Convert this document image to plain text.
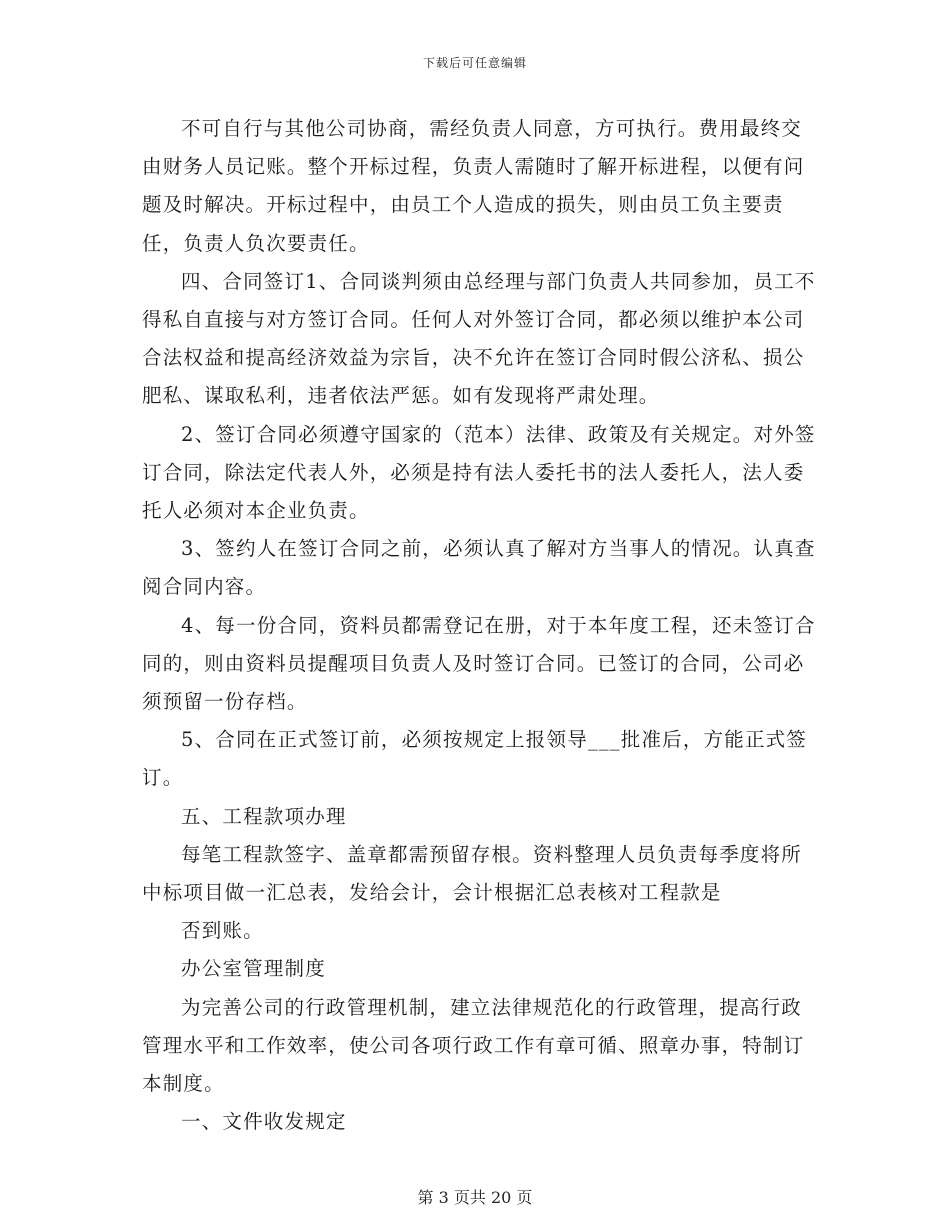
下载后可任意编辑

不可自行与其他公司协商，需经负责人同意，方可执行。费用最终交由财务人员记账。整个开标过程，负责人需随时了解开标进程，以便有问题及时解决。开标过程中，由员工个人造成的损失，则由员工负主要责任，负责人负次要责任。

四、合同签订1、合同谈判须由总经理与部门负责人共同参加，员工不得私自直接与对方签订合同。任何人对外签订合同，都必须以维护本公司合法权益和提高经济效益为宗旨，决不允许在签订合同时假公济私、损公肥私、谋取私利，违者依法严惩。如有发现将严肃处理。

2、签订合同必须遵守国家的（范本）法律、政策及有关规定。对外签订合同，除法定代表人外，必须是持有法人委托书的法人委托人，法人委托人必须对本企业负责。

3、签约人在签订合同之前，必须认真了解对方当事人的情况。认真查阅合同内容。

4、每一份合同，资料员都需登记在册，对于本年度工程，还未签订合同的，则由资料员提醒项目负责人及时签订合同。已签订的合同，公司必须预留一份存档。

5、合同在正式签订前，必须按规定上报领导___批准后，方能正式签订。

五、工程款项办理

每笔工程款签字、盖章都需预留存根。资料整理人员负责每季度将所中标项目做一汇总表，发给会计，会计根据汇总表核对工程款是

否到账。

办公室管理制度

为完善公司的行政管理机制，建立法律规范化的行政管理，提高行政管理水平和工作效率，使公司各项行政工作有章可循、照章办事，特制订本制度。

一、文件收发规定

第 3 页共 20 页
